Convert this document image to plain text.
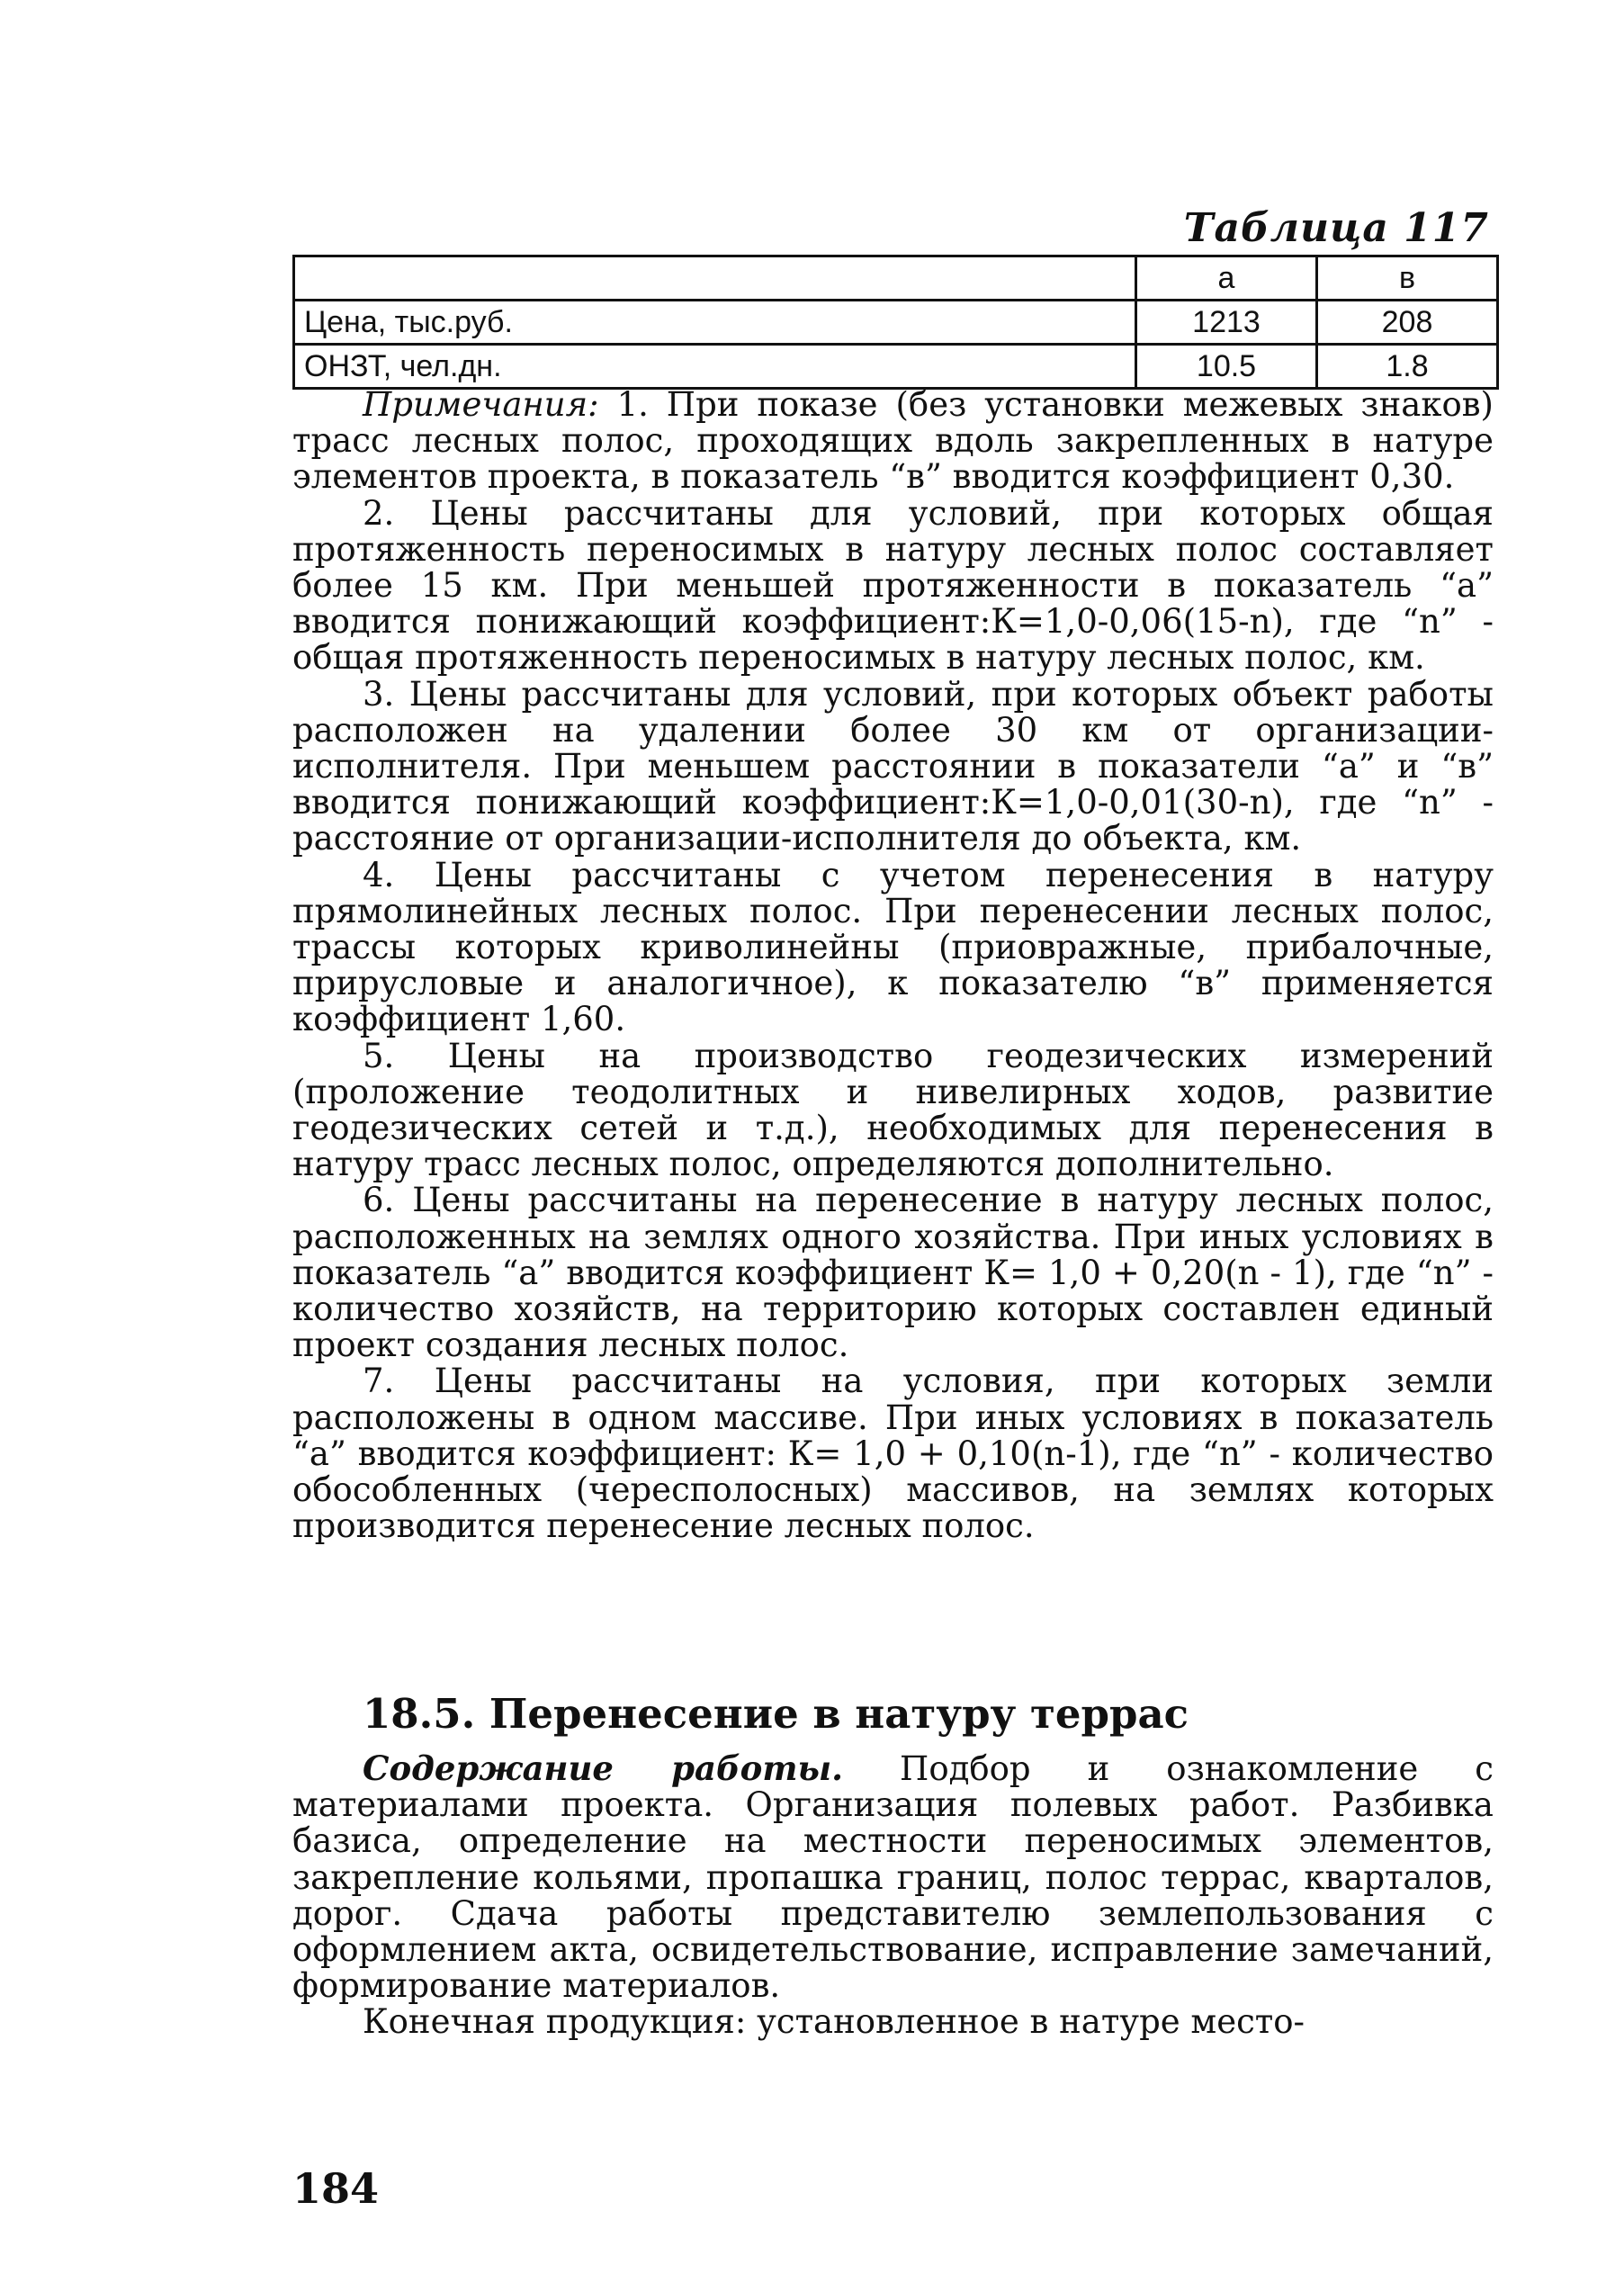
Таблица 117
	а	в
Цена, тыс.руб.	1213	208
ОНЗТ, чел.дн.	10.5	1.8

Примечания: 1. При показе (без установки межевых знаков) трасс лесных полос, проходящих вдоль закрепленных в натуре элементов проекта, в показатель “в” вводится коэффициент 0,30.

2. Цены рассчитаны для условий, при которых общая протяженность переносимых в натуру лесных полос составляет более 15 км. При меньшей протяженности в показатель “а” вводится понижающий коэффициент:К=1,0-0,06(15-n), где “n” - общая протяженность переносимых в натуру лесных полос, км.

3. Цены рассчитаны для условий, при которых объект работы расположен на удалении более 30 км от организации-исполнителя. При меньшем расстоянии в показатели “а” и “в” вводится понижающий коэффициент:К=1,0-0,01(30-n), где “n” - расстояние от организации-исполнителя до объекта, км.

4. Цены рассчитаны с учетом перенесения в натуру прямолинейных лесных полос. При перенесении лесных полос, трассы которых криволинейны (приовражные, прибалочные, прирусловые и аналогичное), к показателю “в” применяется коэффициент 1,60.

5. Цены на производство геодезических измерений (проложение теодолитных и нивелирных ходов, развитие геодезических сетей и т.д.), необходимых для перенесения в натуру трасс лесных полос, определяются дополнительно.

6. Цены рассчитаны на перенесение в натуру лесных полос, расположенных на землях одного хозяйства. При иных условиях в показатель “а” вводится коэффициент К= 1,0 + 0,20(n - 1), где “n” - количество хозяйств, на территорию которых составлен единый проект создания лесных полос.

7. Цены рассчитаны на условия, при которых земли расположены в одном массиве. При иных условиях в показатель “а” вводится коэффициент: К= 1,0 + 0,10(n-1), где “n” - количество обособленных (чересполосных) массивов, на землях которых производится перенесение лесных полос.

18.5. Перенесение в натуру террас

Содержание работы. Подбор и ознакомление с материалами проекта. Организация полевых работ. Разбивка базиса, определение на местности переносимых элементов, закрепление кольями, пропашка границ, полос террас, кварталов, дорог. Сдача работы представителю землепользования с оформлением акта, освидетельствование, исправление замечаний, формирование материалов.

Конечная продукция: установленное в натуре место-

184
